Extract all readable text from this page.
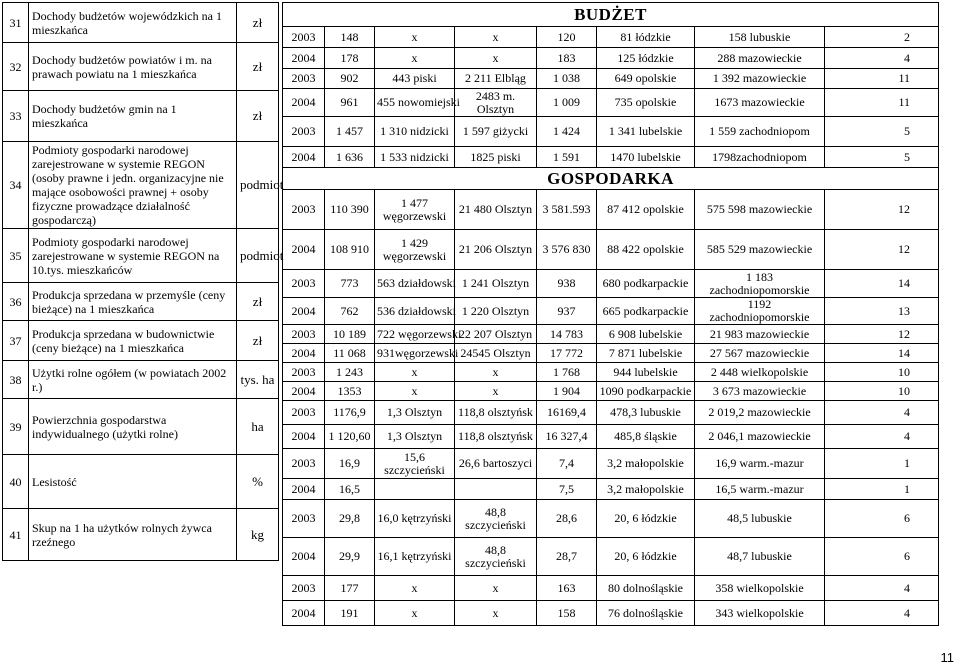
31	Dochody budżetów wojewódzkich na 1 mieszkańca	zł
32	Dochody budżetów powiatów i m. na prawach powiatu na 1 mieszkańca	zł
33	Dochody budżetów gmin na 1 mieszkańca	zł
34	Podmioty gospodarki narodowej zarejestrowane w systemie REGON (osoby prawne i jedn. organizacyjne nie mające osobowości prawnej + osoby fizyczne prowadzące działalność gospodarczą)	podmiot
35	Podmioty gospodarki narodowej zarejestrowane w systemie REGON na 10.tys. mieszkańców	podmiot
36	Produkcja sprzedana w przemyśle (ceny bieżące) na 1 mieszkańca	zł
37	Produkcja sprzedana w budownictwie (ceny bieżące) na 1 mieszkańca	zł
38	Użytki rolne ogółem (w powiatach 2002 r.)	tys. ha
39	Powierzchnia gospodarstwa indywidualnego (użytki rolne)	ha
40	Lesistość	%
41	Skup na 1 ha użytków rolnych żywca rzeźnego	kg
BUDŻET							
2003	148	x	x	120	81 łódzkie	158 lubuskie	2
2004	178	x	x	183	125 łódzkie	288 mazowieckie	4
2003	902	443 piski	2 211 Elbląg	1 038	649 opolskie	1 392 mazowieckie	11
2004	961	455 nowomiejski	2483 m. Olsztyn	1 009	735 opolskie	1673 mazowieckie	11
2003	1 457	1 310 nidzicki	1 597 giżycki	1 424	1 341 lubelskie	1 559 zachodniopom	5
2004	1 636	1 533 nidzicki	1825 piski	1 591	1470 lubelskie	1798zachodniopom	5
GOSPODARKA							
2003	110 390	1 477 węgorzewski	21 480 Olsztyn	3 581.593	87 412 opolskie	575 598 mazowieckie	12
2004	108 910	1 429 węgorzewski	21 206 Olsztyn	3 576 830	88 422 opolskie	585 529 mazowieckie	12
2003	773	563 działdowski	1 241 Olsztyn	938	680 podkarpackie	1 183 zachodniopomorskie	14
2004	762	536 działdowski	1 220 Olsztyn	937	665 podkarpackie	1192 zachodniopomorskie	13
2003	10 189	722 węgorzewski	22 207 Olsztyn	14 783	6 908 lubelskie	21 983 mazowieckie	12
2004	11 068	931węgorzewski	24545 Olsztyn	17 772	7 871 lubelskie	27 567 mazowieckie	14
2003	1 243	x	x	1 768	944 lubelskie	2 448 wielkopolskie	10
2004	1353	x	x	1 904	1090 podkarpackie	3 673 mazowieckie	10
2003	1176,9	1,3 Olsztyn	118,8 olsztyńsk	16169,4	478,3 lubuskie	2 019,2 mazowieckie	4
2004	1 120,60	1,3 Olsztyn	118,8 olsztyńsk	16 327,4	485,8 śląskie	2 046,1 mazowieckie	4
2003	16,9	15,6 szczycieński	26,6 bartoszyci	7,4	3,2 małopolskie	16,9 warm.-mazur	1
2004	16,5			7,5	3,2 małopolskie	16,5 warm.-mazur	1
2003	29,8	16,0 kętrzyński	48,8 szczycieński	28,6	20, 6 łódzkie	48,5 lubuskie	6
2004	29,9	16,1 kętrzyński	48,8 szczycieński	28,7	20, 6 łódzkie	48,7 lubuskie	6
2003	177	x	x	163	80 dolnośląskie	358 wielkopolskie	4
2004	191	x	x	158	76 dolnośląskie	343 wielkopolskie	4
11
